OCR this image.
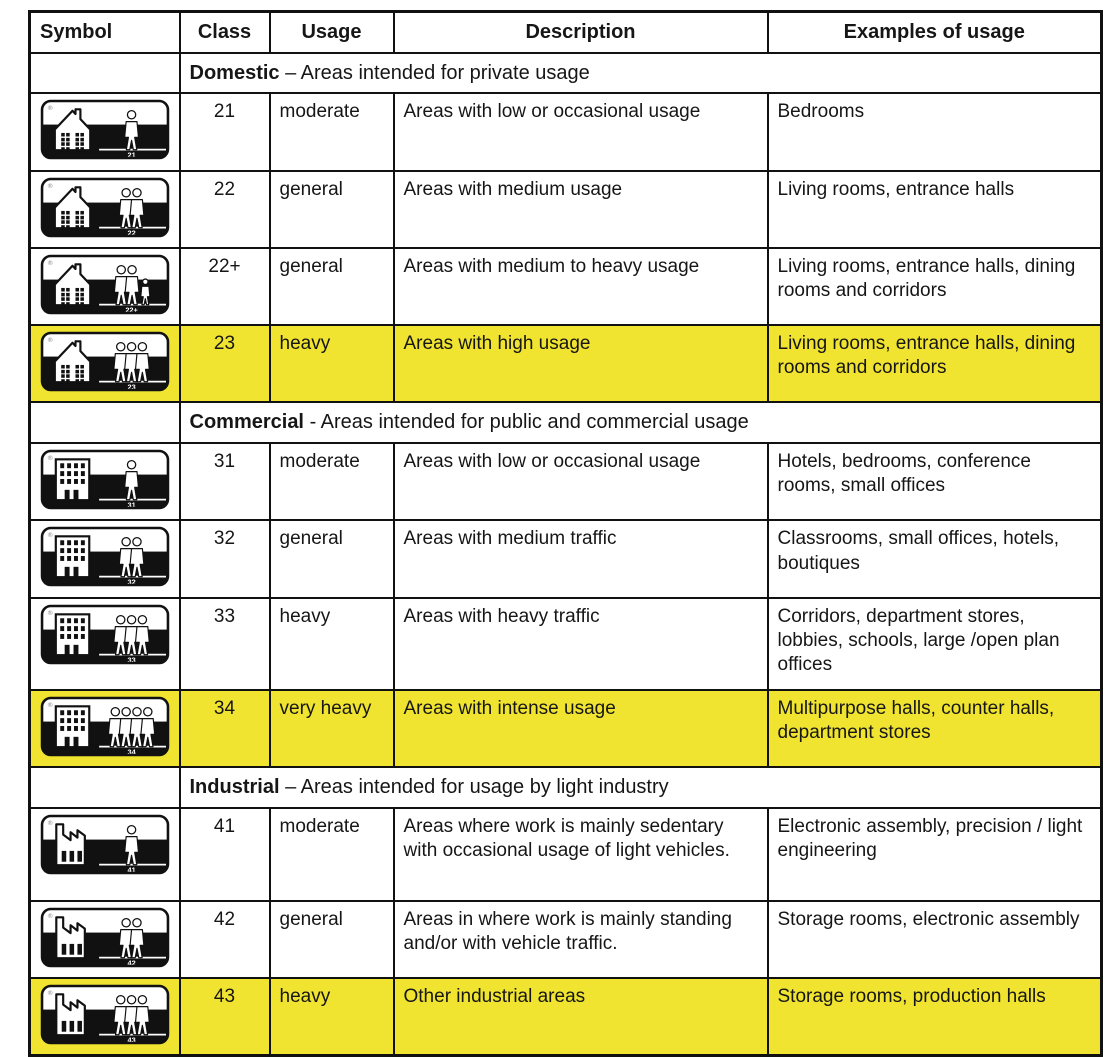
Symbol	Class	Usage	Description	Examples of usage
	Domestic – Areas intended for private usage			

®
21	21	moderate	Areas with low or occasional usage	Bedrooms

®
22	22	general	Areas with medium usage	Living rooms, entrance halls

®
22+	22+	general	Areas with medium to heavy usage	Living rooms, entrance halls, dining rooms and corridors

®
23	23	heavy	Areas with high usage	Living rooms, entrance halls, dining rooms and corridors
	Commercial - Areas intended for public and commercial usage			

®
31	31	moderate	Areas with low or occasional usage	Hotels, bedrooms, conference rooms, small offices

®
32	32	general	Areas with medium traffic	Classrooms, small offices, hotels, boutiques

®
33	33	heavy	Areas with heavy traffic	Corridors, department stores, lobbies, schools, large /open plan offices

®
34	34	very heavy	Areas with intense usage	Multipurpose halls, counter halls, department stores
	Industrial – Areas intended for usage by light industry			

®
41	41	moderate	Areas where work is mainly sedentary with occasional usage of light vehicles.	Electronic assembly, precision / light engineering

®
42	42	general	Areas in where work is mainly standing and/or with vehicle traffic.	Storage rooms, electronic assembly

®
43	43	heavy	Other industrial areas	Storage rooms, production halls
